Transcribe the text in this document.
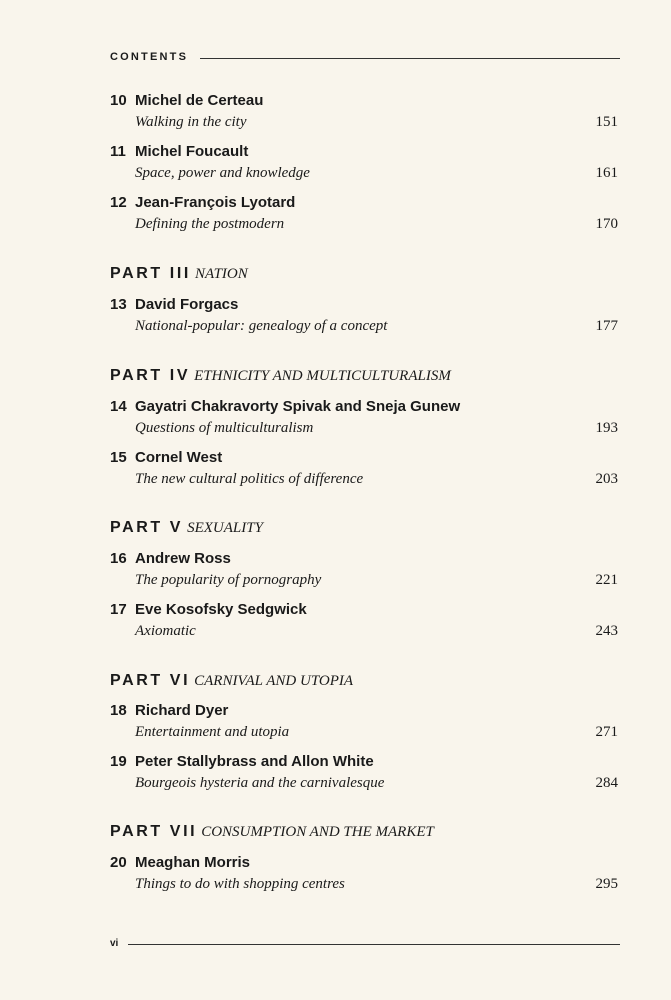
CONTENTS
10 Michel de Certeau
Walking in the city	151
11 Michel Foucault
Space, power and knowledge	161
12 Jean-François Lyotard
Defining the postmodern	170
PART III NATION
13 David Forgacs
National-popular: genealogy of a concept	177
PART IV ETHNICITY AND MULTICULTURALISM
14 Gayatri Chakravorty Spivak and Sneja Gunew
Questions of multiculturalism	193
15 Cornel West
The new cultural politics of difference	203
PART V SEXUALITY
16 Andrew Ross
The popularity of pornography	221
17 Eve Kosofsky Sedgwick
Axiomatic	243
PART VI CARNIVAL AND UTOPIA
18 Richard Dyer
Entertainment and utopia	271
19 Peter Stallybrass and Allon White
Bourgeois hysteria and the carnivalesque	284
PART VII CONSUMPTION AND THE MARKET
20 Meaghan Morris
Things to do with shopping centres	295
vi
